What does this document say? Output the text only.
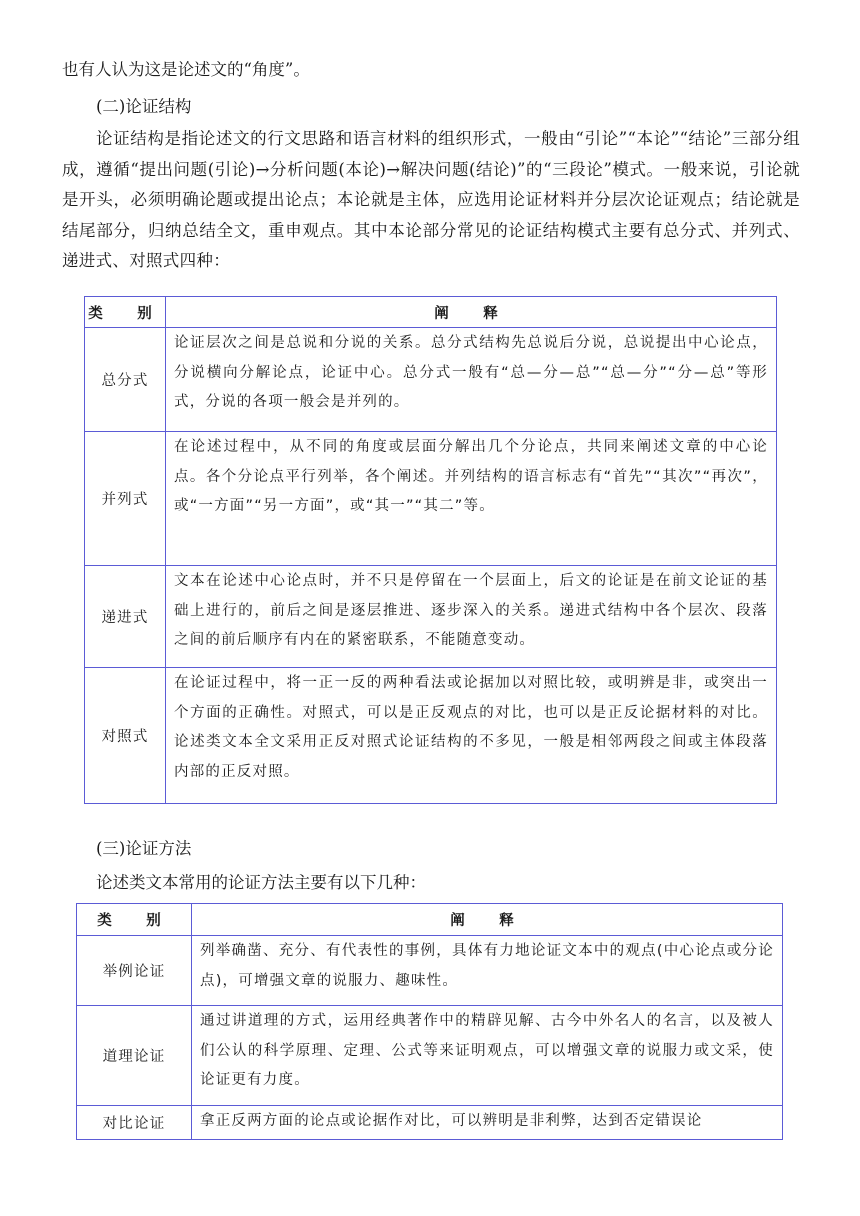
也有人认为这是论述文的“角度”。

(二)论证结构

论证结构是指论述文的行文思路和语言材料的组织形式，一般由“引论”“本论”“结论”三部分组成，遵循“提出问题(引论)→分析问题(本论)→解决问题(结论)”的“三段论”模式。一般来说，引论就是开头，必须明确论题或提出论点；本论就是主体，应选用论证材料并分层次论证观点；结论就是结尾部分，归纳总结全文，重申观点。其中本论部分常见的论证结构模式主要有总分式、并列式、递进式、对照式四种：

类　别	阐　释
总分式	论证层次之间是总说和分说的关系。总分式结构先总说后分说，总说提出中心论点，分说横向分解论点，论证中心。总分式一般有“总—分—总”“总—分”“分—总”等形式，分说的各项一般会是并列的。
并列式	在论述过程中，从不同的角度或层面分解出几个分论点，共同来阐述文章的中心论点。各个分论点平行列举，各个阐述。并列结构的语言标志有“首先”“其次”“再次”，或“一方面”“另一方面”，或“其一”“其二”等。
递进式	文本在论述中心论点时，并不只是停留在一个层面上，后文的论证是在前文论证的基础上进行的，前后之间是逐层推进、逐步深入的关系。递进式结构中各个层次、段落之间的前后顺序有内在的紧密联系，不能随意变动。
对照式	在论证过程中，将一正一反的两种看法或论据加以对照比较，或明辨是非，或突出一个方面的正确性。对照式，可以是正反观点的对比，也可以是正反论据材料的对比。论述类文本全文采用正反对照式论证结构的不多见，一般是相邻两段之间或主体段落内部的正反对照。

(三)论证方法

论述类文本常用的论证方法主要有以下几种：

类　别	阐　释
举例论证	列举确凿、充分、有代表性的事例，具体有力地论证文本中的观点(中心论点或分论点)，可增强文章的说服力、趣味性。
道理论证	通过讲道理的方式，运用经典著作中的精辟见解、古今中外名人的名言，以及被人们公认的科学原理、定理、公式等来证明观点，可以增强文章的说服力或文采，使论证更有力度。
对比论证	拿正反两方面的论点或论据作对比，可以辨明是非利弊，达到否定错误论
